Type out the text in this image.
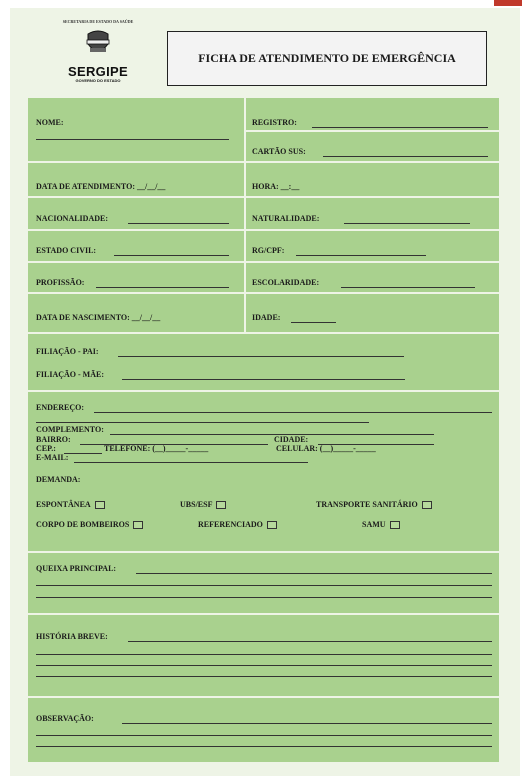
SECRETARIA DE ESTADO DA SAÚDE
SERGIPE
GOVERNO DO ESTADO
FICHA DE ATENDIMENTO DE EMERGÊNCIA
NOME:	REGISTRO:
CARTÃO SUS:
DATA DE ATENDIMENTO: __/__/__	HORA: __:__
NACIONALIDADE:	NATURALIDADE:
ESTADO CIVIL:	RG/CPF:
PROFISSÃO:	ESCOLARIDADE:
DATA DE NASCIMENTO: __/__/__	IDADE:
FILIAÇÃO - PAI:
FILIAÇÃO - MÃE:
ENDEREÇO:
COMPLEMENTO:
BAIRRO:	CIDADE:
CEP.:	TELEFONE: (__)_____-_____	CELULAR: (__)_____-_____
E-MAIL:
DEMANDA:
ESPONTÂNEA	UBS/ESF	TRANSPORTE SANITÁRIO
CORPO DE BOMBEIROS	REFERENCIADO	SAMU
QUEIXA PRINCIPAL:
HISTÓRIA BREVE:
OBSERVAÇÃO:
